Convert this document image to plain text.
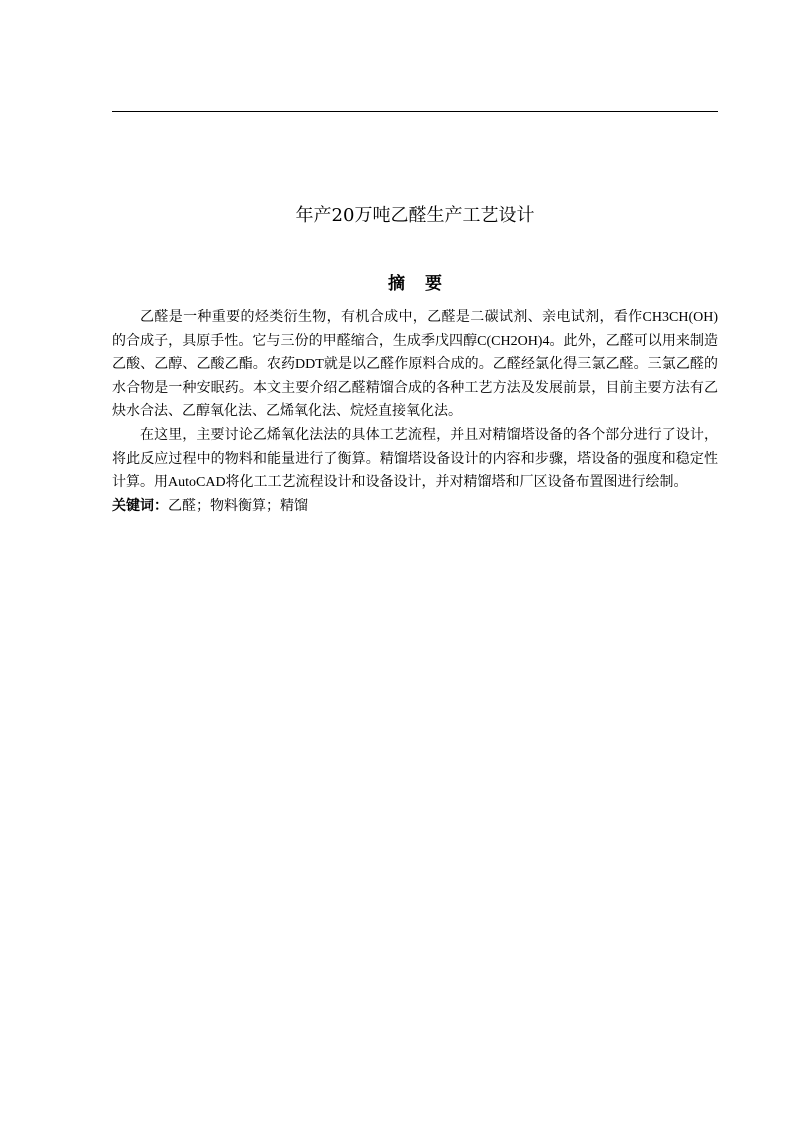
年产20万吨乙醛生产工艺设计
摘要

乙醛是一种重要的烃类衍生物，有机合成中，乙醛是二碳试剂、亲电试剂，看作CH3CH(OH)的合成子，具原手性。它与三份的甲醛缩合，生成季戊四醇C(CH2OH)4。此外，乙醛可以用来制造乙酸、乙醇、乙酸乙酯。农药DDT就是以乙醛作原料合成的。乙醛经氯化得三氯乙醛。三氯乙醛的水合物是一种安眠药。本文主要介绍乙醛精馏合成的各种工艺方法及发展前景，目前主要方法有乙炔水合法、乙醇氧化法、乙烯氧化法、烷烃直接氧化法。

在这里，主要讨论乙烯氧化法法的具体工艺流程，并且对精馏塔设备的各个部分进行了设计，将此反应过程中的物料和能量进行了衡算。精馏塔设备设计的内容和步骤，塔设备的强度和稳定性计算。用AutoCAD将化工工艺流程设计和设备设计，并对精馏塔和厂区设备布置图进行绘制。

关键词：乙醛；物料衡算；精馏
